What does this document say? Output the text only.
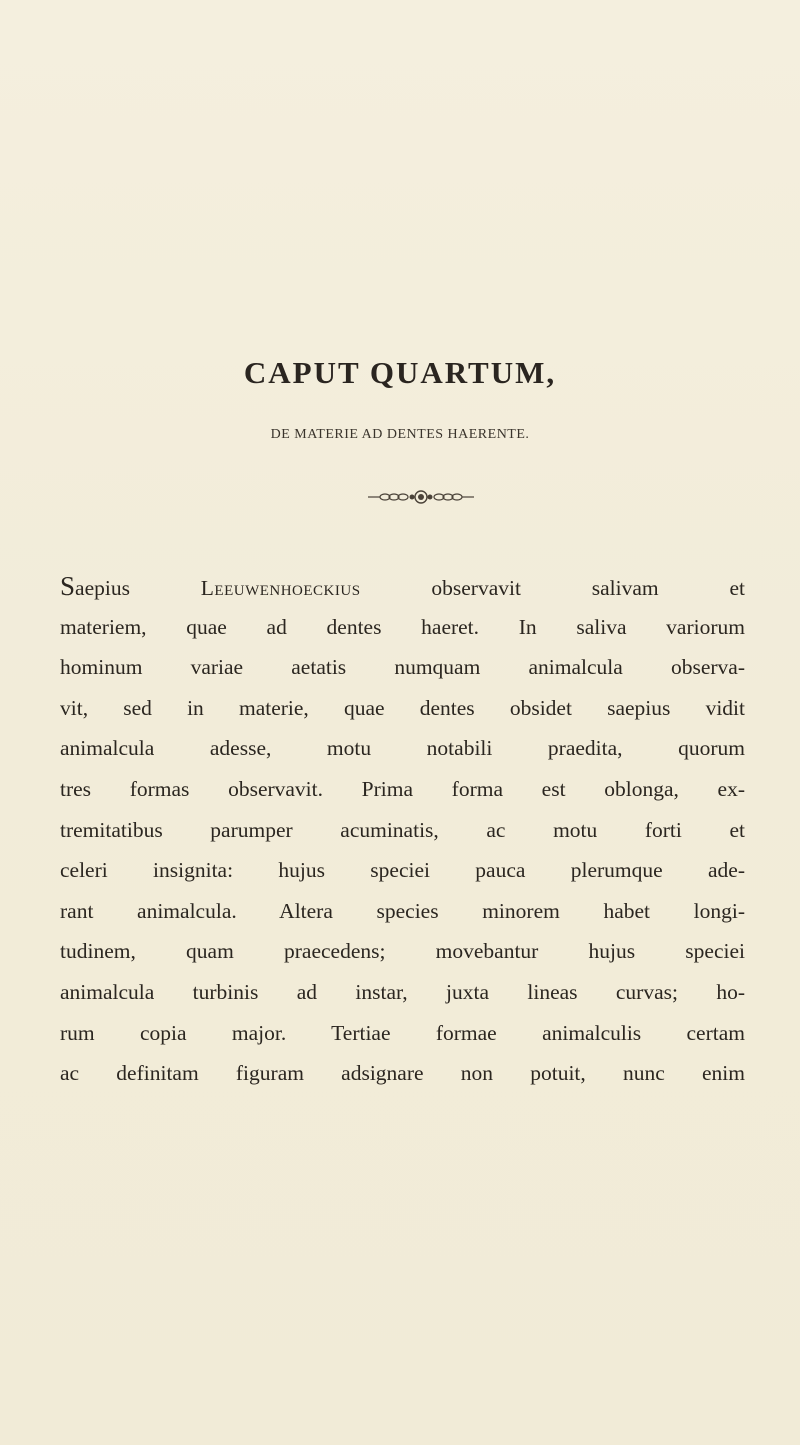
CAPUT QUARTUM,
DE MATERIE AD DENTES HAERENTE.
Saepius Leeuwenhoeckius observavit salivam et
materiem, quae ad dentes haeret. In saliva variorum
hominum variae aetatis numquam animalcula observa-
vit, sed in materie, quae dentes obsidet saepius vidit
animalcula adesse, motu notabili praedita, quorum
tres formas observavit. Prima forma est oblonga, ex-
tremitatibus parumper acuminatis, ac motu forti et
celeri insignita: hujus speciei pauca plerumque ade-
rant animalcula. Altera species minorem habet longi-
tudinem, quam praecedens; movebantur hujus speciei
animalcula turbinis ad instar, juxta lineas curvas; ho-
rum copia major. Tertiae formae animalculis certam
ac definitam figuram adsignare non potuit, nunc enim
